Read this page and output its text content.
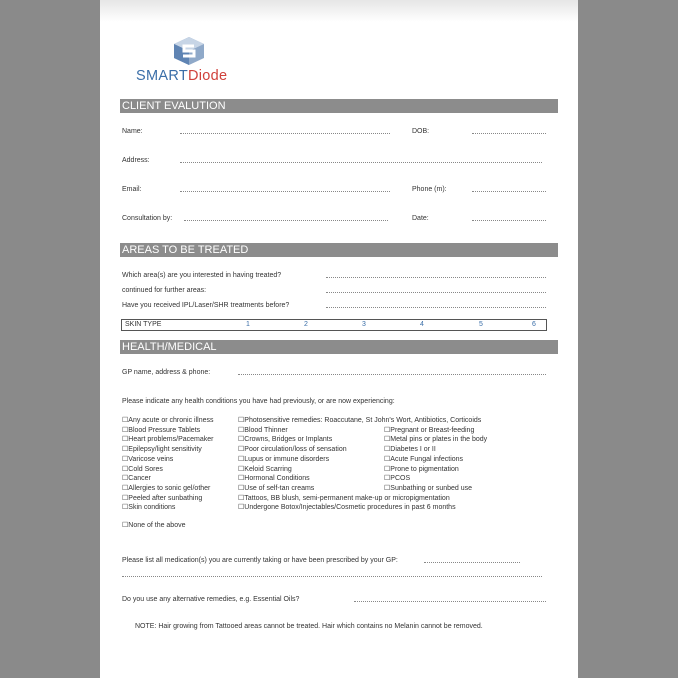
SMARTDiode
CLIENT EVALUTION
Name:	DOB:
Address:
Email:	Phone (m):
Consultation by:	Date:
AREAS TO BE TREATED
Which area(s) are you interested in having treated?
continued for further areas:
Have you received IPL/Laser/SHR treatments before?
SKIN TYPE	1	2	3	4	5	6
HEALTH/MEDICAL
GP name, address & phone:
Please indicate any health conditions you have had previously, or are now experiencing:
☐ Any acute or chronic illness
☐ Blood Pressure Tablets
☐ Heart problems/Pacemaker
☐ Epilepsy/light sensitivity
☐ Varicose veins
☐ Cold Sores
☐ Cancer
☐ Allergies to sonic gel/other
☐ Peeled after sunbathing
☐ Skin conditions
☐ Photosensitive remedies: Roaccutane, St John's Wort, Antibiotics, Corticoids
☐ Blood Thinner
☐ Crowns, Bridges or Implants
☐ Poor circulation/loss of sensation
☐ Lupus or immune disorders
☐ Keloid Scarring
☐ Hormonal Conditions
☐ Use of self-tan creams
☐ Tattoos, BB blush, semi-permanent make-up or micropigmentation
☐ Undergone Botox/Injectables/Cosmetic procedures in past 6 months
☐ Pregnant or Breast-feeding
☐ Metal pins or plates in the body
☐ Diabetes I or II
☐ Acute Fungal infections
☐ Prone to pigmentation
☐ PCOS
☐ Sunbathing or sunbed use
☐ None of the above
Please list all medication(s) you are currently taking or have been prescribed by your GP:
Do you use any alternative remedies, e.g. Essential Oils?
NOTE: Hair growing from Tattooed areas cannot be treated. Hair which contains no Melanin cannot be removed.
